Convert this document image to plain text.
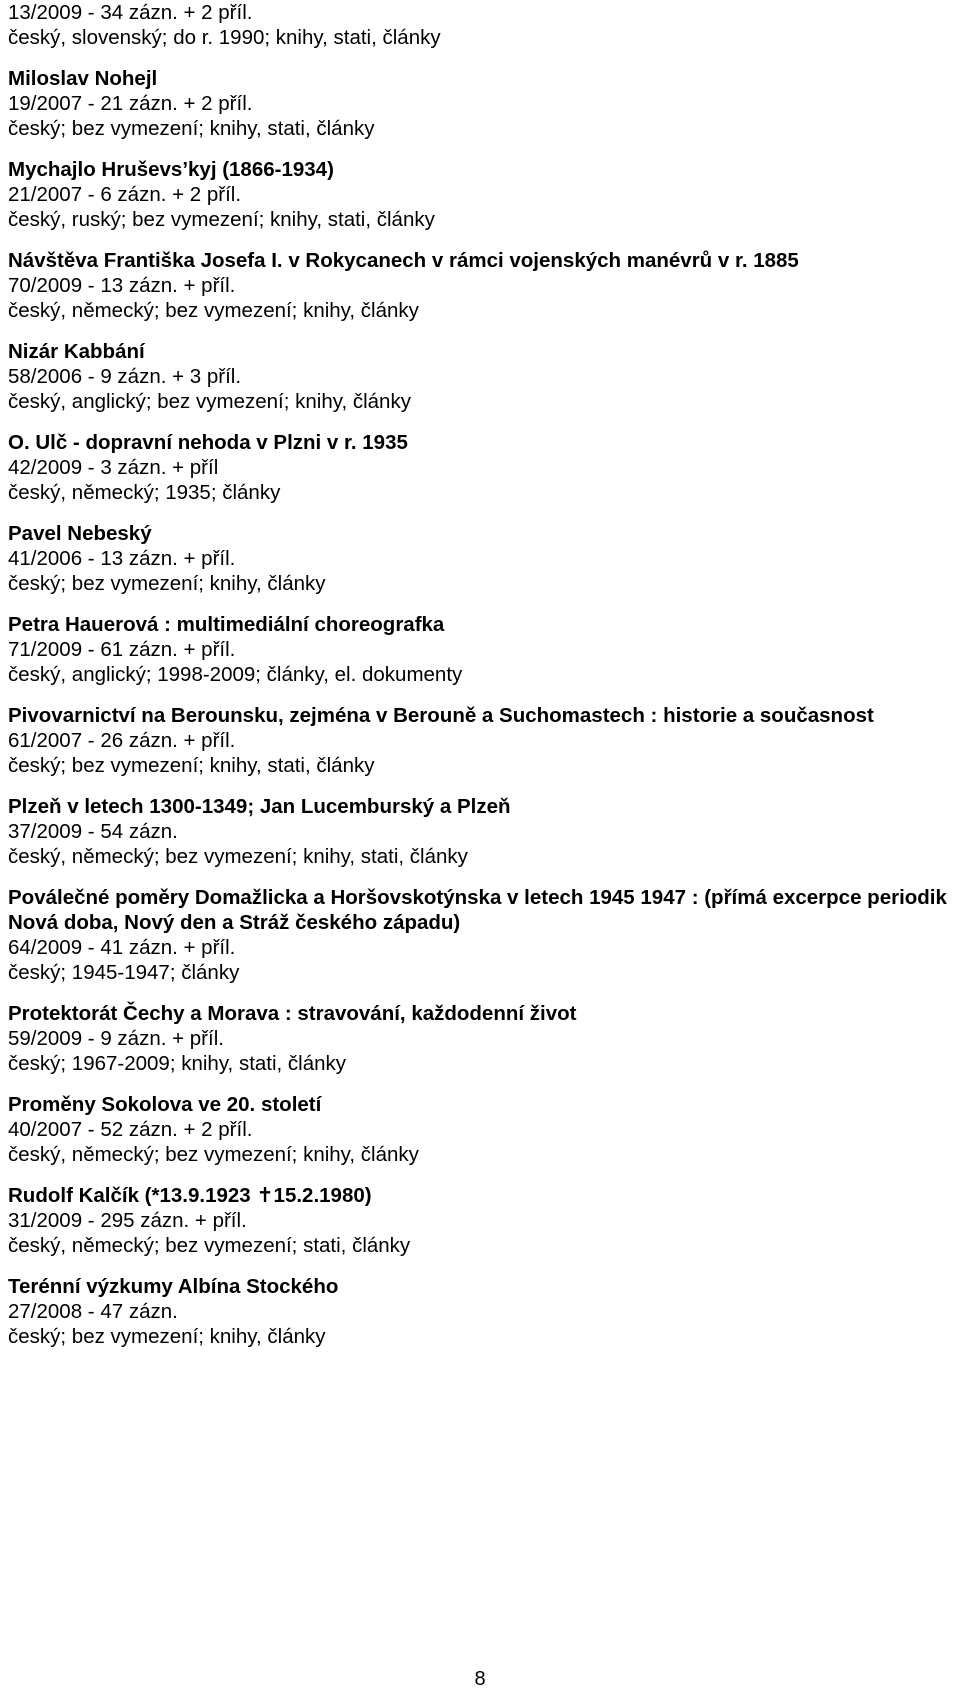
13/2009 - 34 zázn. + 2 příl.
český, slovenský; do r. 1990; knihy, stati, články
Miloslav Nohejl
19/2007 - 21 zázn. + 2 příl.
český; bez vymezení; knihy, stati, články
Mychajlo Hruševs’kyj (1866-1934)
21/2007 - 6 zázn. + 2 příl.
český, ruský; bez vymezení; knihy, stati, články
Návštěva Františka Josefa I. v Rokycanech v rámci vojenských manévrů v r. 1885
70/2009 - 13 zázn. + příl.
český, německý; bez vymezení; knihy, články
Nizár Kabbání
58/2006 - 9 zázn. + 3 příl.
český, anglický; bez vymezení; knihy, články
O. Ulč - dopravní nehoda v Plzni v r. 1935
42/2009 - 3 zázn. + příl
český, německý; 1935; články
Pavel Nebeský
41/2006 - 13 zázn. + příl.
český; bez vymezení; knihy, články
Petra Hauerová : multimediální choreografka
71/2009 - 61 zázn. + příl.
český, anglický; 1998-2009; články, el. dokumenty
Pivovarnictví na Berounsku, zejména v Berouně a Suchomastech : historie a současnost
61/2007 - 26 zázn. + příl.
český; bez vymezení; knihy, stati, články
Plzeň v letech 1300-1349; Jan Lucemburský a Plzeň
37/2009 - 54 zázn.
český, německý; bez vymezení; knihy, stati, články
Poválečné poměry Domažlicka a Horšovskotýnska v letech 1945 1947 : (přímá excerpce periodik Nová doba, Nový den a Stráž českého západu)
64/2009 - 41 zázn. + příl.
český; 1945-1947; články
Protektorát Čechy a Morava : stravování, každodenní život
59/2009 - 9 zázn. + příl.
český; 1967-2009; knihy, stati, články
Proměny Sokolova ve 20. století
40/2007 - 52 zázn. + 2 příl.
český, německý; bez vymezení; knihy, články
Rudolf Kalčík (*13.9.1923 ✝15.2.1980)
31/2009 - 295 zázn. + příl.
český, německý; bez vymezení; stati, články
Terénní výzkumy Albína Stockého
27/2008 - 47 zázn.
český; bez vymezení; knihy, články
8
